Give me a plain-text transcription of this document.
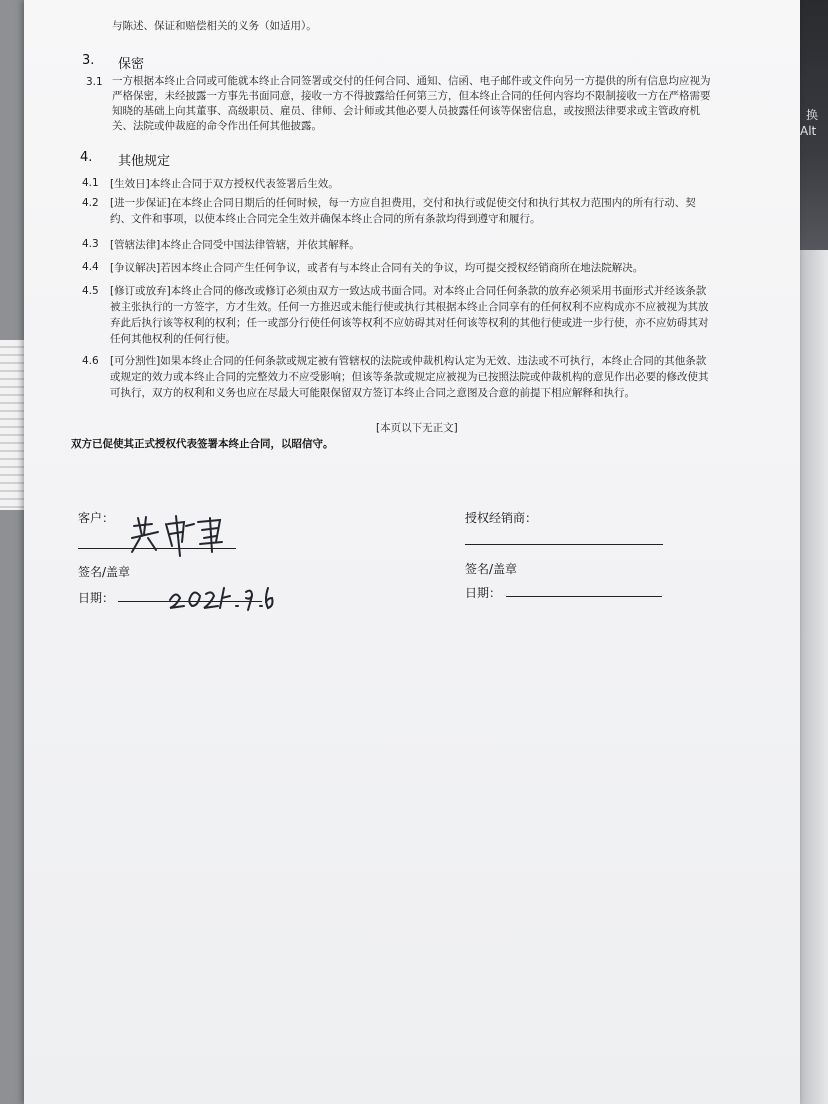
换
Alt
与陈述、保证和赔偿相关的义务（如适用）。
3. 保密
3.1 一方根据本终止合同或可能就本终止合同签署或交付的任何合同、通知、信函、电子邮件或文件向另一方提供的所有信息均应视为
严格保密，未经披露一方事先书面同意，接收一方不得披露给任何第三方，但本终止合同的任何内容均不限制接收一方在严格需要
知晓的基础上向其董事、高级职员、雇员、律师、会计师或其他必要人员披露任何该等保密信息，或按照法律要求或主管政府机
关、法院或仲裁庭的命令作出任何其他披露。
4. 其他规定
4.1 [生效日]本终止合同于双方授权代表签署后生效。
4.2 [进一步保证]在本终止合同日期后的任何时候，每一方应自担费用，交付和执行或促使交付和执行其权力范围内的所有行动、契
约、文件和事项，以使本终止合同完全生效并确保本终止合同的所有条款均得到遵守和履行。
4.3 [管辖法律]本终止合同受中国法律管辖，并依其解释。
4.4 [争议解决]若因本终止合同产生任何争议，或者有与本终止合同有关的争议，均可提交授权经销商所在地法院解决。
4.5 [修订或放弃]本终止合同的修改或修订必须由双方一致达成书面合同。对本终止合同任何条款的放弃必须采用书面形式并经该条款
被主张执行的一方签字，方才生效。任何一方推迟或未能行使或执行其根据本终止合同享有的任何权利不应构成亦不应被视为其放
弃此后执行该等权利的权利；任一或部分行使任何该等权利不应妨碍其对任何该等权利的其他行使或进一步行使，亦不应妨碍其对
任何其他权利的任何行使。
4.6 [可分割性]如果本终止合同的任何条款或规定被有管辖权的法院或仲裁机构认定为无效、违法或不可执行，本终止合同的其他条款
或规定的效力或本终止合同的完整效力不应受影响；但该等条款或规定应被视为已按照法院或仲裁机构的意见作出必要的修改使其
可执行，双方的权利和义务也应在尽最大可能限保留双方签订本终止合同之意图及合意的前提下相应解释和执行。
[本页以下无正文]
双方已促使其正式授权代表签署本终止合同，以昭信守。
客户：
签名/盖章
日期：
授权经销商：
签名/盖章
日期：
